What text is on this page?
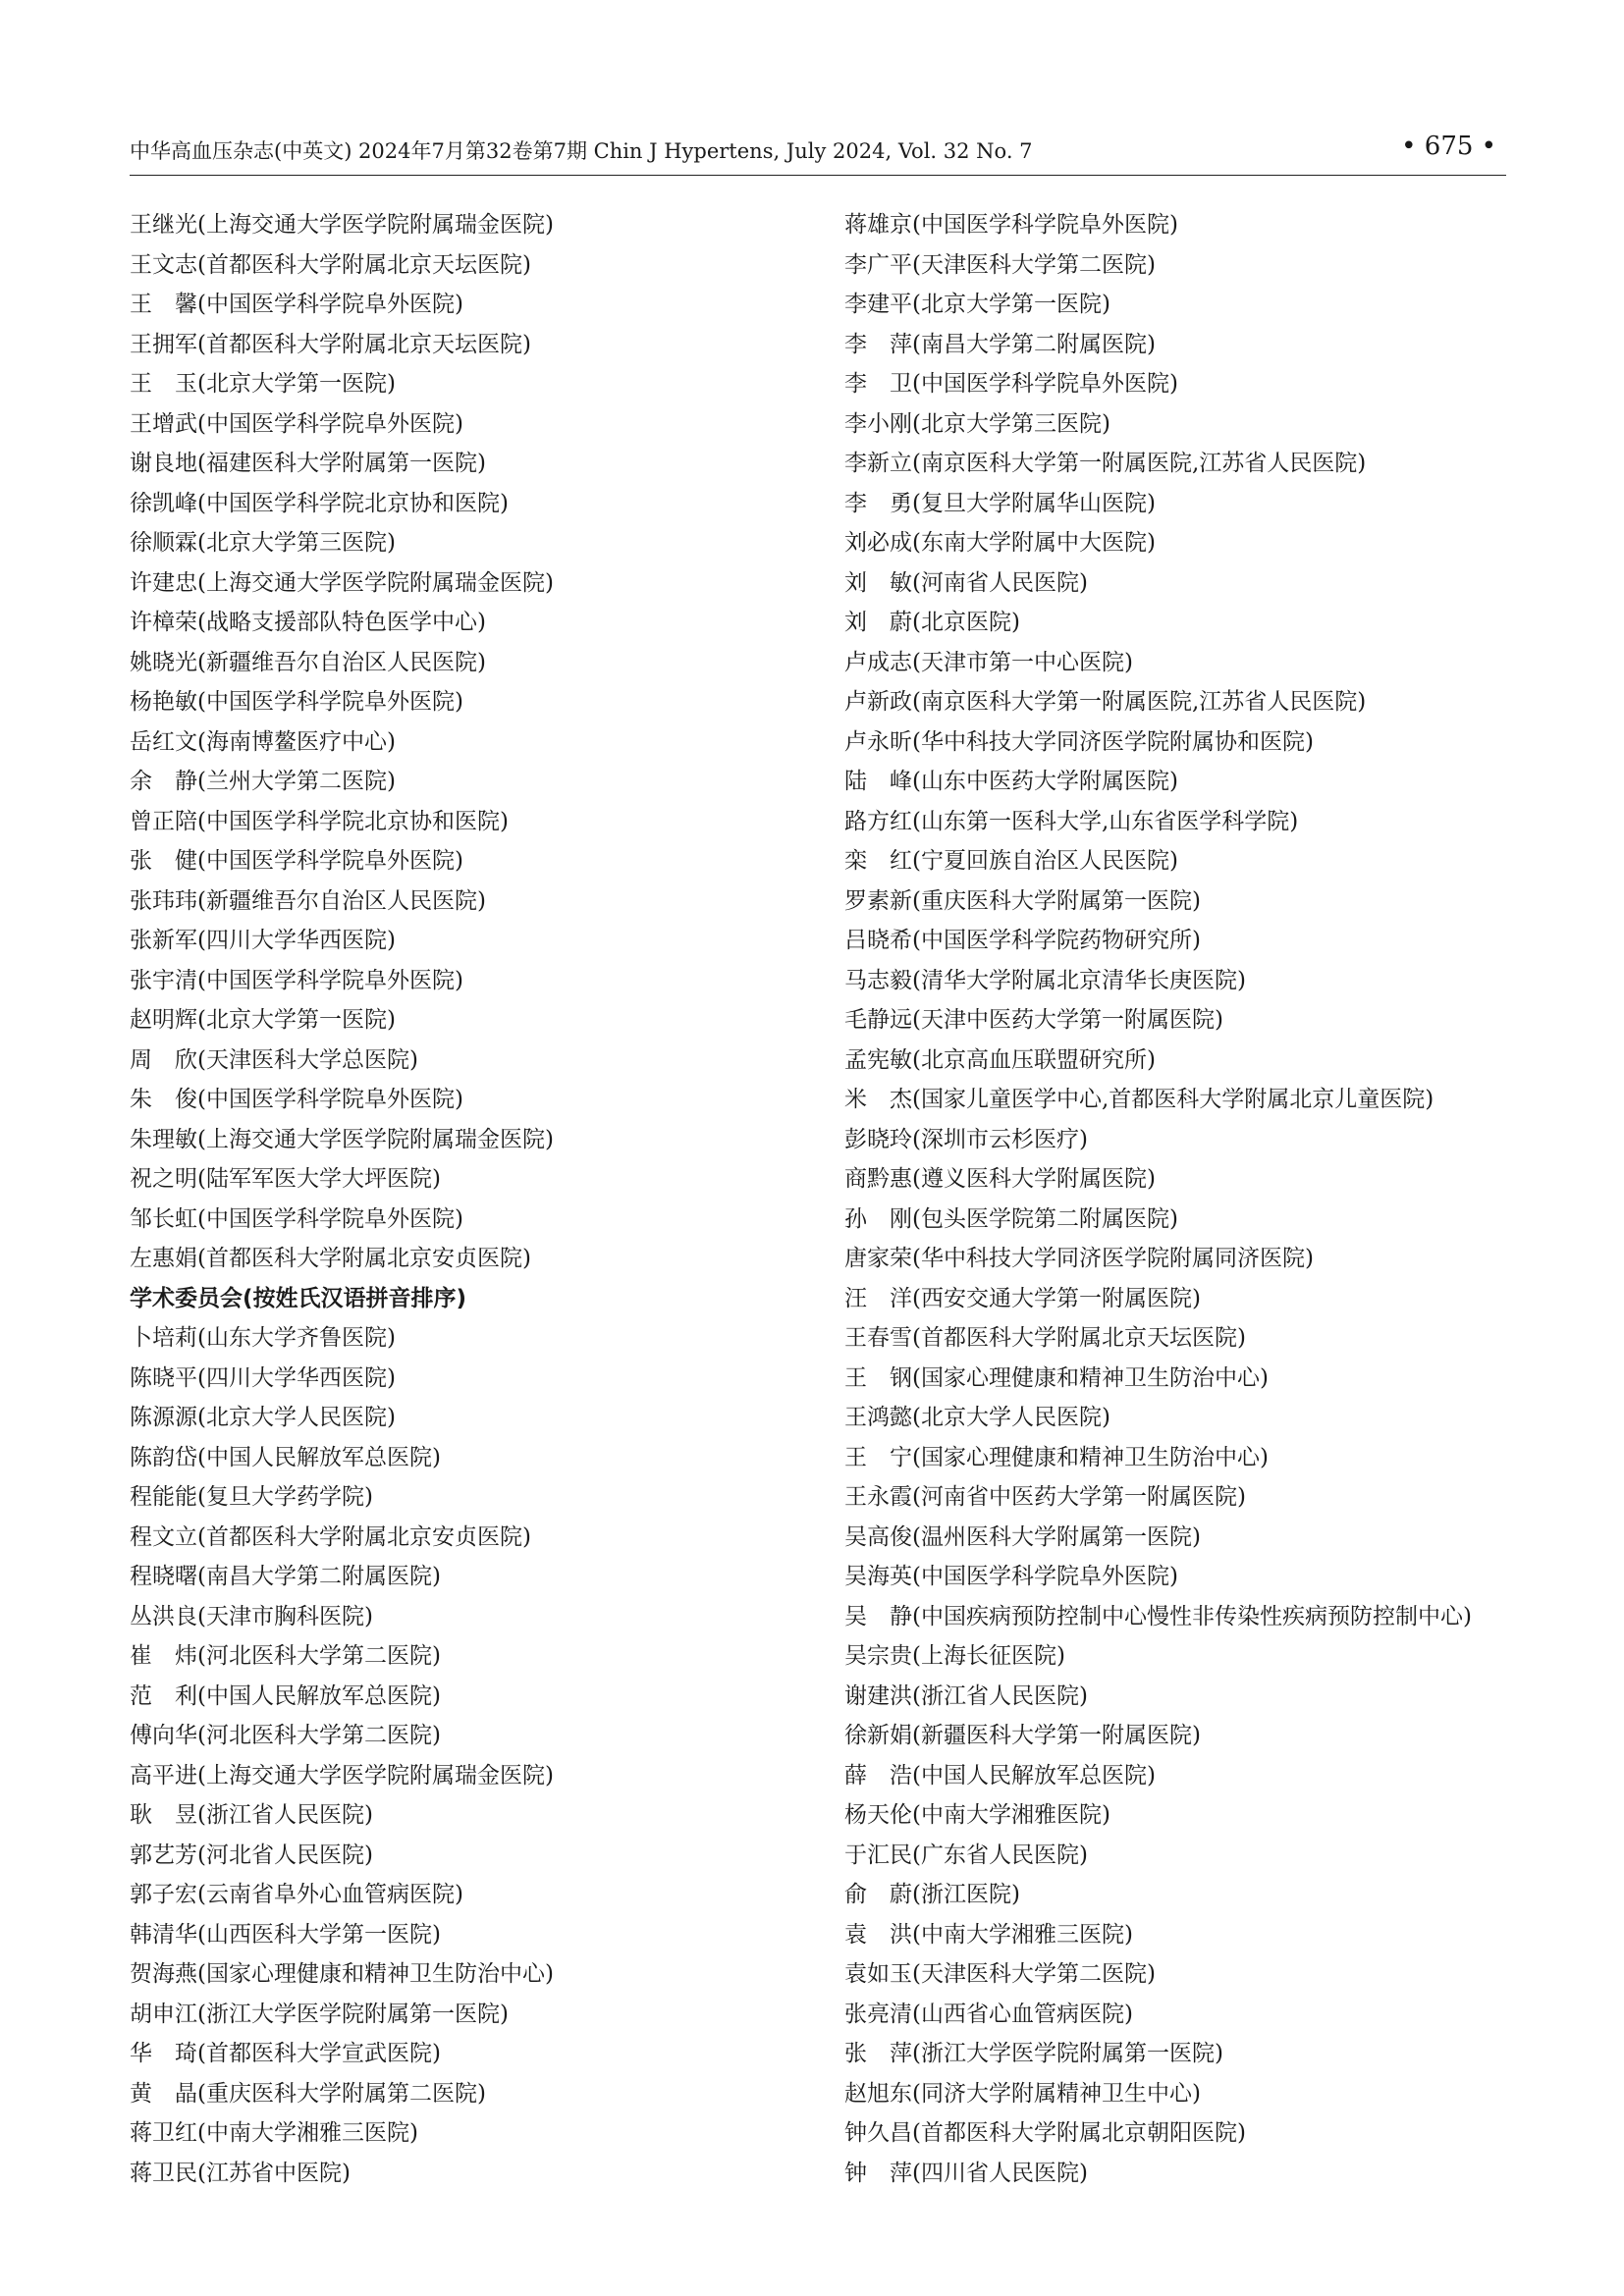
中华高血压杂志(中英文) 2024年7月第32卷第7期 Chin J Hypertens, July 2024, Vol. 32 No. 7	• 675 •
王继光(上海交通大学医学院附属瑞金医院)
王文志(首都医科大学附属北京天坛医院)
王　馨(中国医学科学院阜外医院)
王拥军(首都医科大学附属北京天坛医院)
王　玉(北京大学第一医院)
王增武(中国医学科学院阜外医院)
谢良地(福建医科大学附属第一医院)
徐凯峰(中国医学科学院北京协和医院)
徐顺霖(北京大学第三医院)
许建忠(上海交通大学医学院附属瑞金医院)
许樟荣(战略支援部队特色医学中心)
姚晓光(新疆维吾尔自治区人民医院)
杨艳敏(中国医学科学院阜外医院)
岳红文(海南博鳌医疗中心)
余　静(兰州大学第二医院)
曾正陪(中国医学科学院北京协和医院)
张　健(中国医学科学院阜外医院)
张玮玮(新疆维吾尔自治区人民医院)
张新军(四川大学华西医院)
张宇清(中国医学科学院阜外医院)
赵明辉(北京大学第一医院)
周　欣(天津医科大学总医院)
朱　俊(中国医学科学院阜外医院)
朱理敏(上海交通大学医学院附属瑞金医院)
祝之明(陆军军医大学大坪医院)
邹长虹(中国医学科学院阜外医院)
左惠娟(首都医科大学附属北京安贞医院)
学术委员会(按姓氏汉语拼音排序)
卜培莉(山东大学齐鲁医院)
陈晓平(四川大学华西医院)
陈源源(北京大学人民医院)
陈韵岱(中国人民解放军总医院)
程能能(复旦大学药学院)
程文立(首都医科大学附属北京安贞医院)
程晓曙(南昌大学第二附属医院)
丛洪良(天津市胸科医院)
崔　炜(河北医科大学第二医院)
范　利(中国人民解放军总医院)
傅向华(河北医科大学第二医院)
高平进(上海交通大学医学院附属瑞金医院)
耿　昱(浙江省人民医院)
郭艺芳(河北省人民医院)
郭子宏(云南省阜外心血管病医院)
韩清华(山西医科大学第一医院)
贺海燕(国家心理健康和精神卫生防治中心)
胡申江(浙江大学医学院附属第一医院)
华　琦(首都医科大学宣武医院)
黄　晶(重庆医科大学附属第二医院)
蒋卫红(中南大学湘雅三医院)
蒋卫民(江苏省中医院)
蒋雄京(中国医学科学院阜外医院)
李广平(天津医科大学第二医院)
李建平(北京大学第一医院)
李　萍(南昌大学第二附属医院)
李　卫(中国医学科学院阜外医院)
李小刚(北京大学第三医院)
李新立(南京医科大学第一附属医院,江苏省人民医院)
李　勇(复旦大学附属华山医院)
刘必成(东南大学附属中大医院)
刘　敏(河南省人民医院)
刘　蔚(北京医院)
卢成志(天津市第一中心医院)
卢新政(南京医科大学第一附属医院,江苏省人民医院)
卢永昕(华中科技大学同济医学院附属协和医院)
陆　峰(山东中医药大学附属医院)
路方红(山东第一医科大学,山东省医学科学院)
栾　红(宁夏回族自治区人民医院)
罗素新(重庆医科大学附属第一医院)
吕晓希(中国医学科学院药物研究所)
马志毅(清华大学附属北京清华长庚医院)
毛静远(天津中医药大学第一附属医院)
孟宪敏(北京高血压联盟研究所)
米　杰(国家儿童医学中心,首都医科大学附属北京儿童医院)
彭晓玲(深圳市云杉医疗)
商黔惠(遵义医科大学附属医院)
孙　刚(包头医学院第二附属医院)
唐家荣(华中科技大学同济医学院附属同济医院)
汪　洋(西安交通大学第一附属医院)
王春雪(首都医科大学附属北京天坛医院)
王　钢(国家心理健康和精神卫生防治中心)
王鸿懿(北京大学人民医院)
王　宁(国家心理健康和精神卫生防治中心)
王永霞(河南省中医药大学第一附属医院)
吴高俊(温州医科大学附属第一医院)
吴海英(中国医学科学院阜外医院)
吴　静(中国疾病预防控制中心慢性非传染性疾病预防控制中心)
吴宗贵(上海长征医院)
谢建洪(浙江省人民医院)
徐新娟(新疆医科大学第一附属医院)
薛　浩(中国人民解放军总医院)
杨天伦(中南大学湘雅医院)
于汇民(广东省人民医院)
俞　蔚(浙江医院)
袁　洪(中南大学湘雅三医院)
袁如玉(天津医科大学第二医院)
张亮清(山西省心血管病医院)
张　萍(浙江大学医学院附属第一医院)
赵旭东(同济大学附属精神卫生中心)
钟久昌(首都医科大学附属北京朝阳医院)
钟　萍(四川省人民医院)
